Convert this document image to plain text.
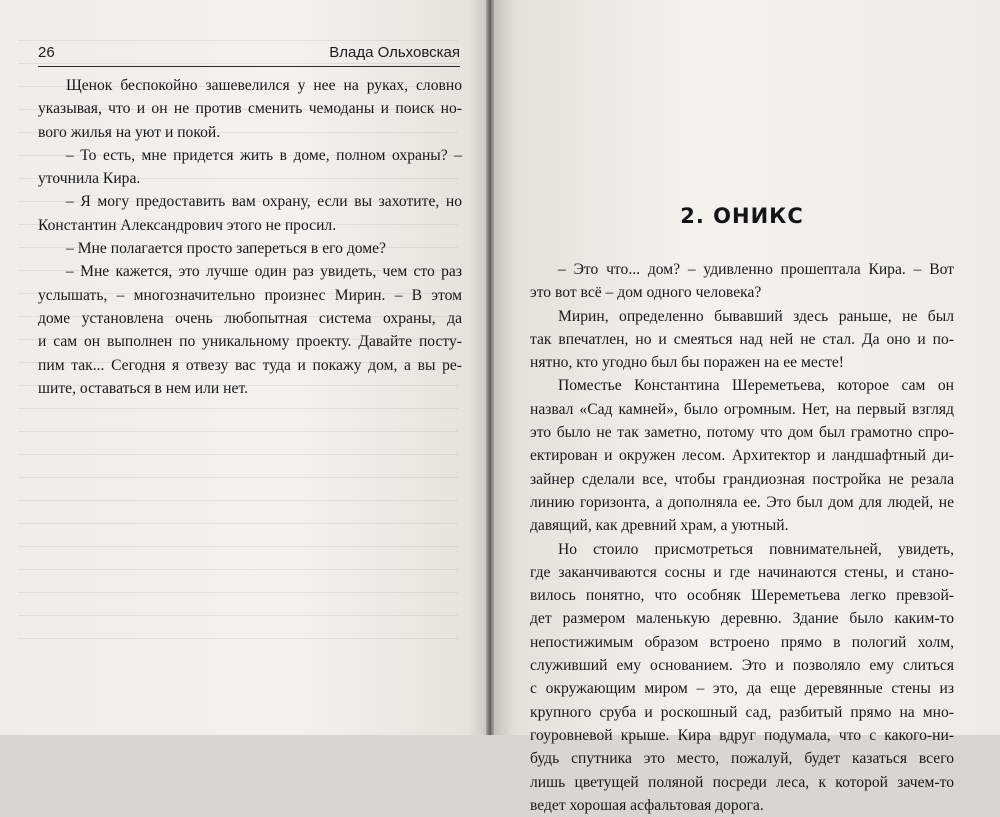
26	Влада Ольховская
Щенок беспокойно зашевелился у нее на руках, словно
указывая, что и он не против сменить чемоданы и поиск но-
вого жилья на уют и покой.
– То есть, мне придется жить в доме, полном охраны? –
уточнила Кира.
– Я могу предоставить вам охрану, если вы захотите, но
Константин Александрович этого не просил.
– Мне полагается просто запереться в его доме?
– Мне кажется, это лучше один раз увидеть, чем сто раз
услышать, – многозначительно произнес Мирин. – В этом
доме установлена очень любопытная система охраны, да
и сам он выполнен по уникальному проекту. Давайте посту-
пим так... Сегодня я отвезу вас туда и покажу дом, а вы ре-
шите, оставаться в нем или нет.
2. ОНИКС
– Это что... дом? – удивленно прошептала Кира. – Вот
это вот всё – дом одного человека?
Мирин, определенно бывавший здесь раньше, не был
так впечатлен, но и смеяться над ней не стал. Да оно и по-
нятно, кто угодно был бы поражен на ее месте!
Поместье Константина Шереметьева, которое сам он
назвал «Сад камней», было огромным. Нет, на первый взгляд
это было не так заметно, потому что дом был грамотно спро-
ектирован и окружен лесом. Архитектор и ландшафтный ди-
зайнер сделали все, чтобы грандиозная постройка не резала
линию горизонта, а дополняла ее. Это был дом для людей, не
давящий, как древний храм, а уютный.
Но стоило присмотреться повнимательней, увидеть,
где заканчиваются сосны и где начинаются стены, и стано-
вилось понятно, что особняк Шереметьева легко превзой-
дет размером маленькую деревню. Здание было каким-то
непостижимым образом встроено прямо в пологий холм,
служивший ему основанием. Это и позволяло ему слиться
с окружающим миром – это, да еще деревянные стены из
крупного сруба и роскошный сад, разбитый прямо на мно-
гоуровневой крыше. Кира вдруг подумала, что с какого-ни-
будь спутника это место, пожалуй, будет казаться всего
лишь цветущей поляной посреди леса, к которой зачем-то
ведет хорошая асфальтовая дорога.
